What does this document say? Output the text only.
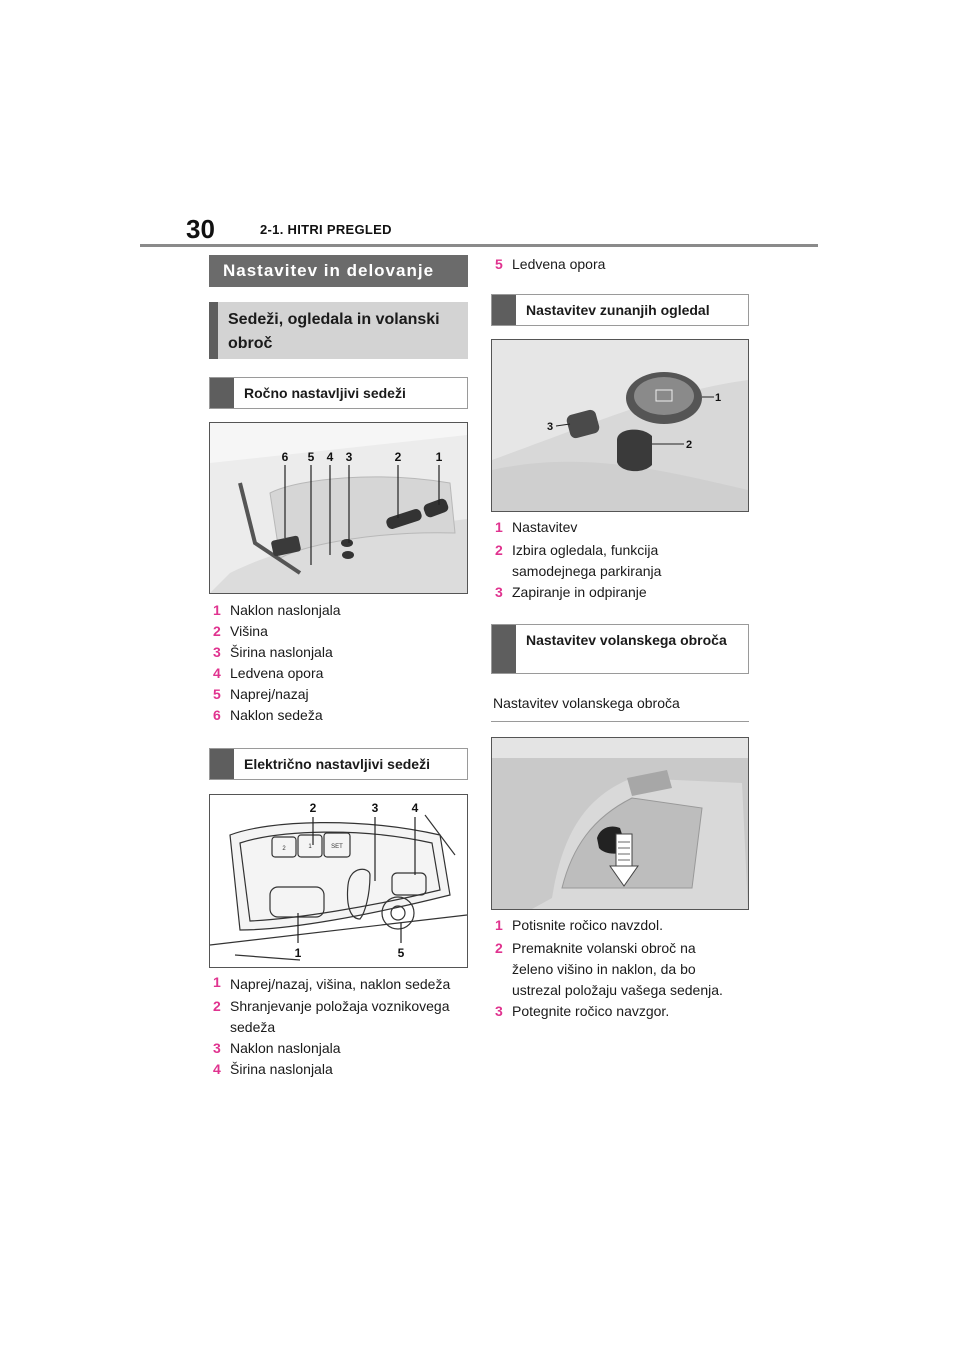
30	2-1. HITRI PREGLED
Nastavitev in delovanje
Sedeži, ogledala in volanski obroč
Ročno nastavljivi sedeži
6 5 4 3	2	1
1 Naklon naslonjala
2 Višina
3 Širina naslonjala
4 Ledvena opora
5 Naprej/nazaj
6 Naklon sedeža
Električno nastavljivi sedeži
2	1	SET
2	3	4
1	5
1 Naprej/nazaj, višina, naklon sedeža
2 Shranjevanje položaja voznikovega sedeža
3 Naklon naslonjala
4 Širina naslonjala
5 Ledvena opora
Nastavitev zunanjih ogledal
1
2
3
1 Nastavitev
2 Izbira ogledala, funkcija samodejnega parkiranja
3 Zapiranje in odpiranje
Nastavitev volanskega obroča
Nastavitev volanskega obroča
1 Potisnite ročico navzdol.
2 Premaknite volanski obroč na želeno višino in naklon, da bo ustrezal položaju vašega sedenja.
3 Potegnite ročico navzgor.
